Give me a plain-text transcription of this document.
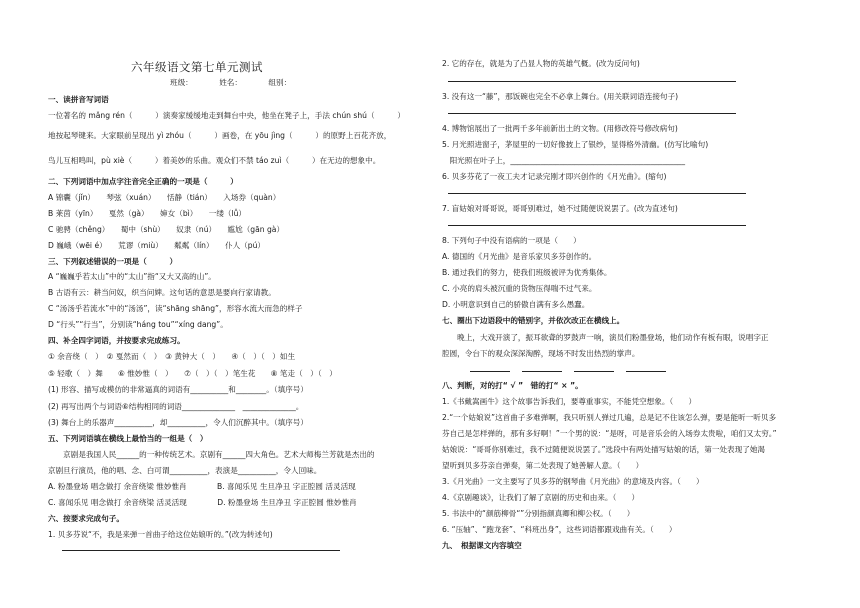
六年级语文第七单元测试
班级：	姓名：	组别：
一、读拼音写词语
一位著名的 mǎng rén（　　　）演奏家缓缓地走到舞台中央，他坐在凳子上，手法 chún shú（　　　）
地按起琴键来。大家眼前呈现出 yì zhóu（　　　）画卷，在 yōu jìng（　　　）的原野上百花齐放，
鸟儿互相鸣叫，pù xiè（　　　）着美妙的乐曲。观众们不禁 táo zuì（　　　）在无边的想象中。
二、下列词语中加点字注音完全正确的一项是（　　　）
A 锦囊（jǐn）　　琴弦（xuán）　　恬静（tián）　　入场券（quàn）
B 莱茵（yīn）　　戛然（gà）　　婶女（bì）　　一缕（lǚ）
C 驰骋（chěng）　　蜀中（shù）　　奴隶（nú）　　尴尬（gān gà）
D 巍峨（wēi é）　　荒谬（miù）　　粼粼（lín）　　仆人（pú）
三、下列叙述错误的一项是（　　　）
A “巍巍乎若太山”中的“太山”指“又大又高的山”。
B 古语有云：耕当问奴，织当问婢。这句话的意思是要向行家请教。
C “汤汤乎若流水”中的“汤汤”，读“shāng shāng”，形容水流大而急的样子
D “行头”“行当”，分别读“háng tou”“xíng dang”。
四、补全四字词语，并按要求完成练习。
① 余音绕（　）　② 戛然而（　）　③ 黄钟大（　）　　④（　）（　）如生
⑤ 轻歌（　）舞　　⑥ 惟妙惟（　）　　⑦（　）（　）笔生花　　⑧ 笔走（　）（　）
(1) 形容、描写或模仿的非常逼真的词语有__________和________。（填序号）
(2) 再写出两个与词语⑥结构相同的词语______________　______________。
(3) 舞台上的乐器声__________，却__________，令人们沉醉其中。（填序号）
五、下列词语填在横线上最恰当的一组是（　）
　　京剧是我国人民______的一种传统艺术。京剧有______四大角色。艺术大师梅兰芳就是杰出的
京剧旦行演员，他的唱、念、白可谓__________，表演是__________，令人回味。
A. 粉墨登场 唱念做打 余音绕梁 惟妙惟肖　　　　B. 喜闻乐见 生旦净丑 字正腔圆 活灵活现
C. 喜闻乐见 唱念做打 余音绕梁 活灵活现　　　　D. 粉墨登场 生旦净丑 字正腔圆 惟妙惟肖
六、按要求完成句子。
1. 贝多芬说“不，我是来弹一首曲子给这位姑娘听的。”(改为转述句)
2. 它的存在，就是为了凸显人物的英雄气概。(改为反问句)
3. 没有这一“藤”，那饭碗也完全不必拿上舞台。(用关联词语连接句子)
4. 博物馆展出了一批两千多年前新出土的文物。(用修改符号修改病句)
5. 月光照进窗子，茅屋里的一切好像披上了银纱，显得格外清幽。(仿写比喻句)
　阳光照在叶子上，______________________________________________
6. 贝多芬花了一夜工夫才记录完刚才即兴创作的《月光曲》。(缩句)
7. 盲姑娘对哥哥说，哥哥别难过，她不过随便说说罢了。(改为直述句)
8. 下列句子中没有语病的一项是（　　）
A. 德国的《月光曲》是音乐家贝多芬创作的。
B. 通过我们的努力，使我们班级被评为优秀集体。
C. 小亮的肩头被沉重的货物压得喘不过气来。
D. 小明意识到自己的骄傲自满有多么愚蠢。
七、圈出下边语段中的错别字，并依次改正在横线上。
　　晚上，大戏开演了，振耳欲聋的罗鼓声一响，演员们粉墨登场，他们动作有板有眼，说唱字正
腔圆，令台下的观众深深淘醉，现场不时发出热烈的掌声。
八、判断，对的打“ √ ”　错的打“ × ”。
1.《书戴嵩画牛》这个故事告诉我们，要尊重事实，不能凭空想象。（　　）
2.“一个姑娘说”这首曲子多难弹啊，我只听别人弹过几遍，总是记不住该怎么弹，要是能听一听贝多
芬自己是怎样弹的，那有多好啊！”一个男的说：“是呀，可是音乐会的入场券太贵啦，咱们又太穷。”
姑娘说：“哥哥你别难过，我不过随便说说罢了。”选段中有两处描写姑娘的话，第一处表现了她渴
望听到贝多芬亲自弹奏，第二处表现了她善解人意。（　　）
3.《月光曲》一文主要写了贝多芬的钢琴曲《月光曲》的意境及内容。（　　）
4.《京剧趣谈》，让我们了解了京剧的历史和由来。（　　）
5. 书法中的“颜筋柳骨“”分别指颜真卿和柳公权。（　　）
6. “压轴”、“跑龙套”、“科班出身”，这些词语都跟戏曲有关。（　　）
九、　根据课文内容填空
